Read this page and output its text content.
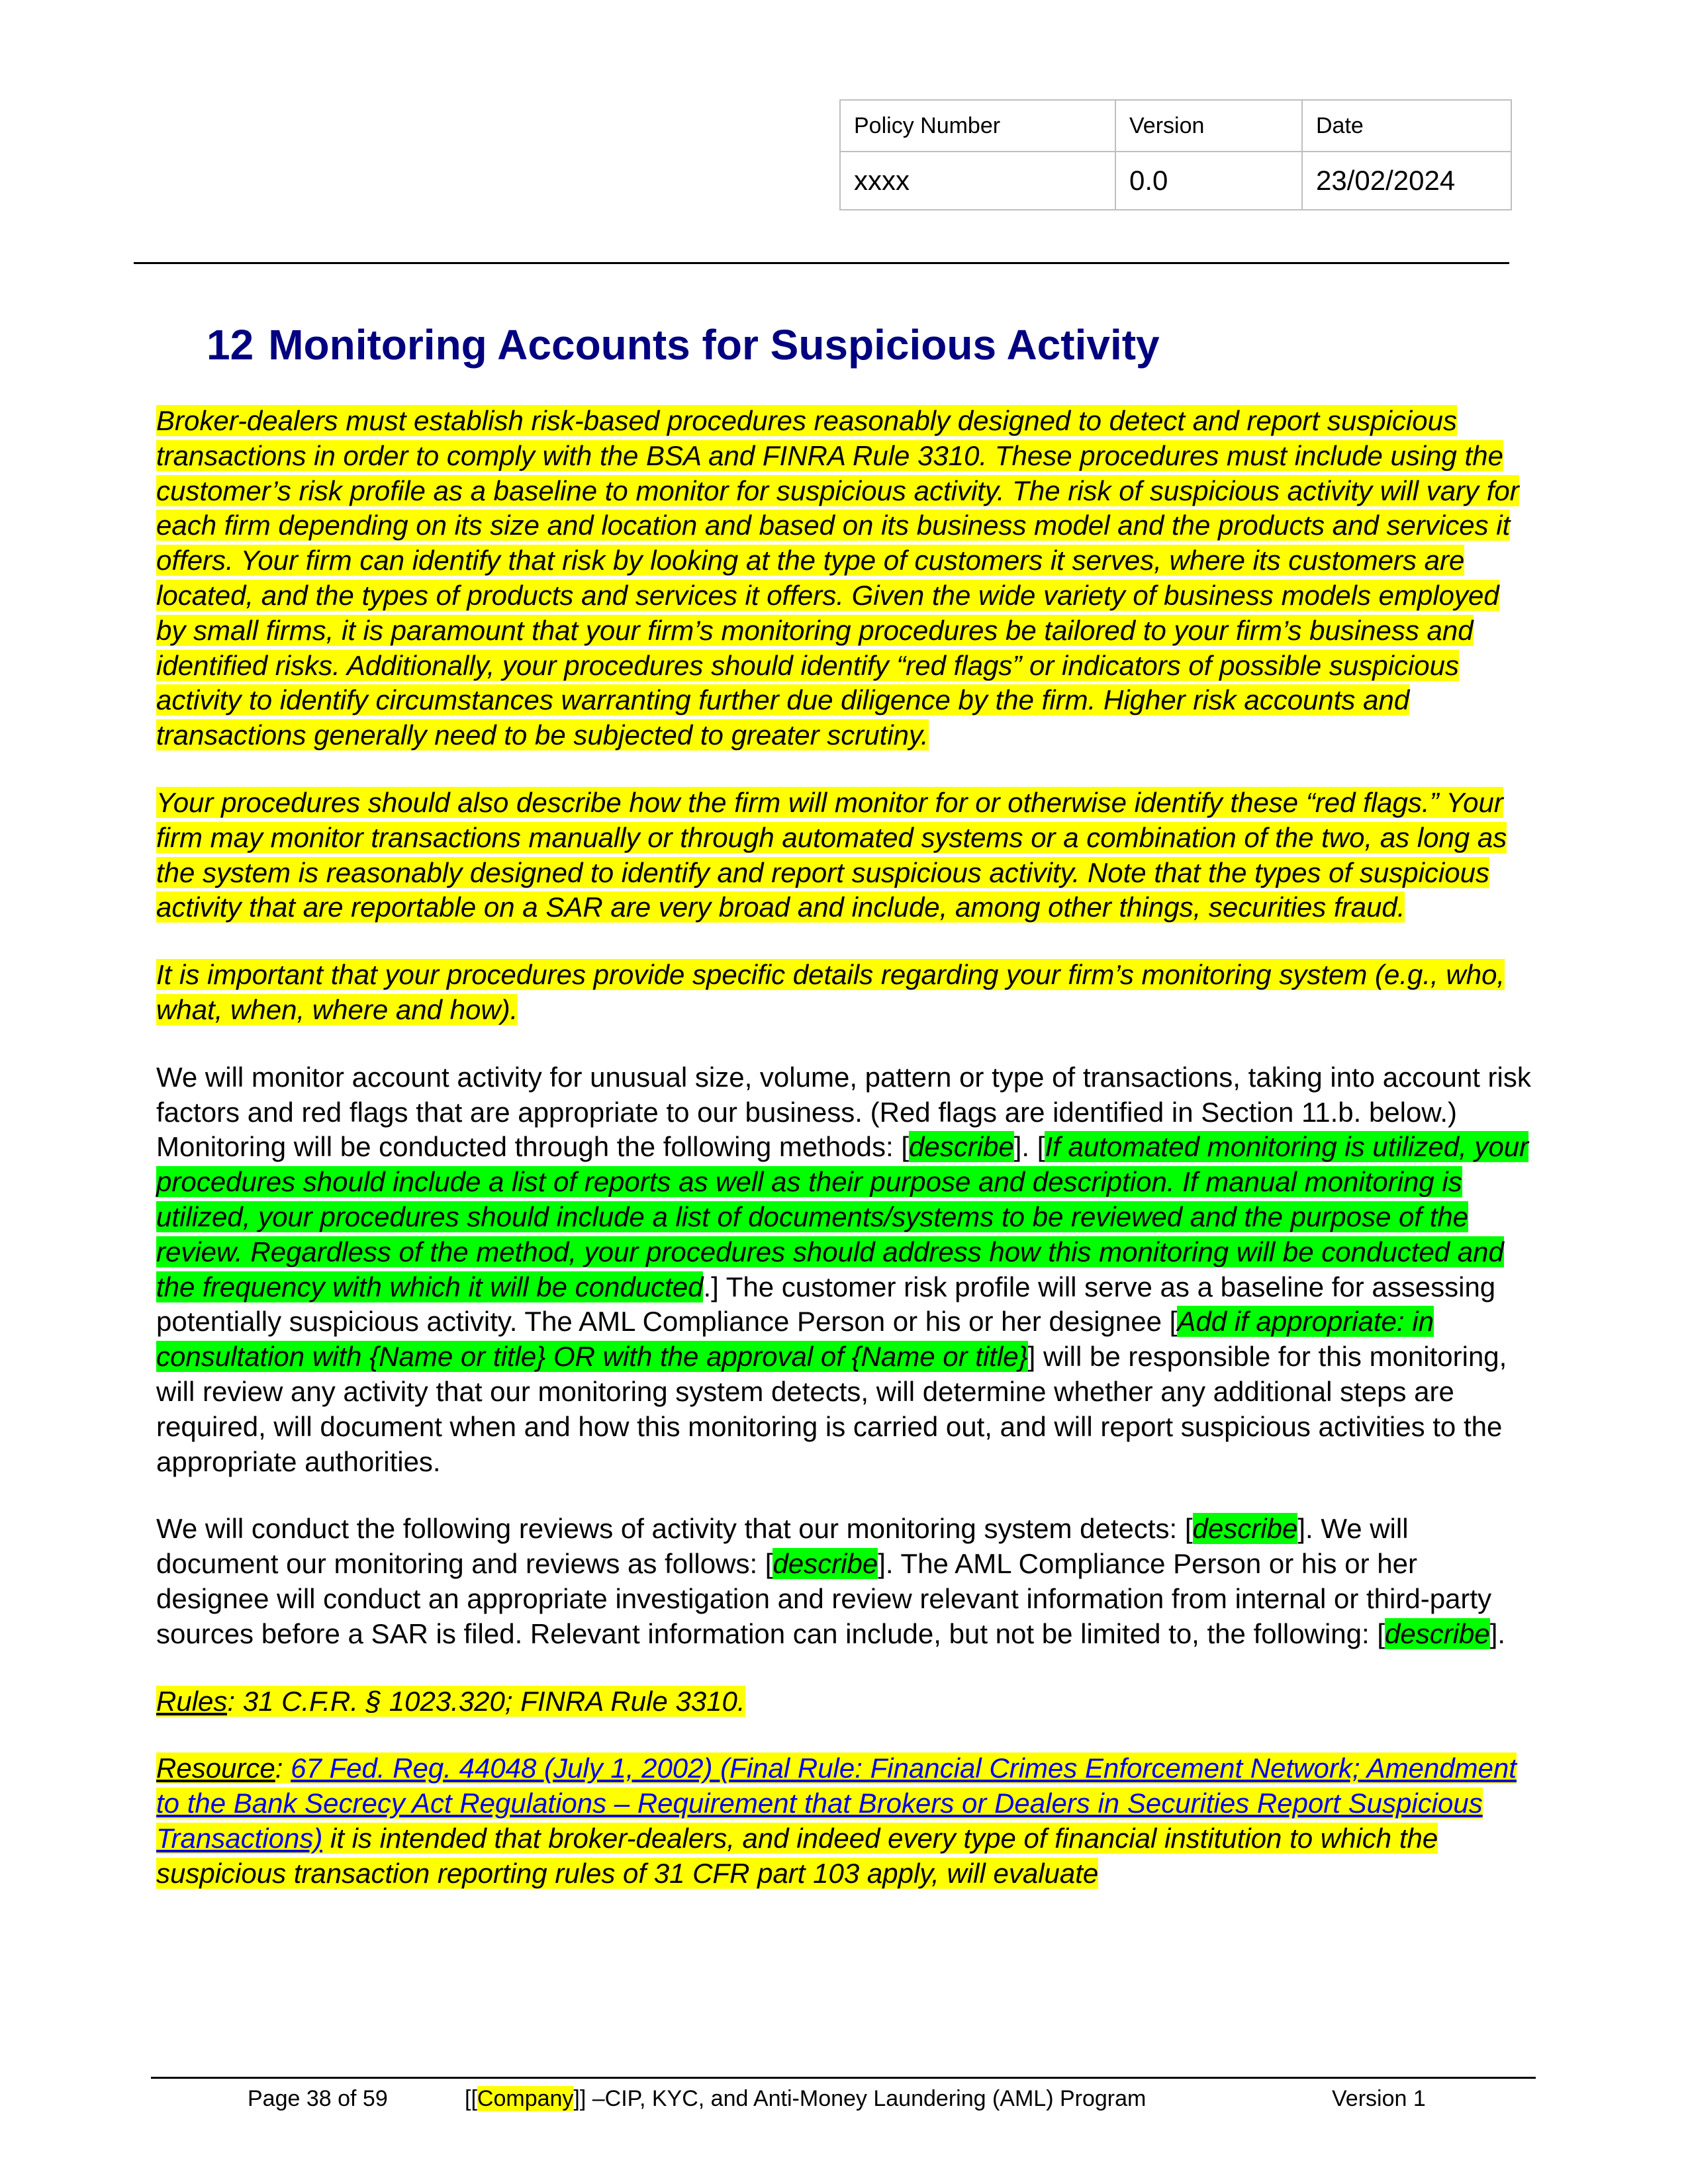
Policy Number	Version	Date
xxxx	0.0	23/02/2024
12 Monitoring Accounts for Suspicious Activity

Broker-dealers must establish risk-based procedures reasonably designed to detect and report suspicious transactions in order to comply with the BSA and FINRA Rule 3310. These procedures must include using the customer’s risk profile as a baseline to monitor for suspicious activity. The risk of suspicious activity will vary for each firm depending on its size and location and based on its business model and the products and services it offers. Your firm can identify that risk by looking at the type of customers it serves, where its customers are located, and the types of products and services it offers. Given the wide variety of business models employed by small firms, it is paramount that your firm’s monitoring procedures be tailored to your firm’s business and identified risks. Additionally, your procedures should identify “red flags” or indicators of possible suspicious activity to identify circumstances warranting further due diligence by the firm. Higher risk accounts and transactions generally need to be subjected to greater scrutiny.

Your procedures should also describe how the firm will monitor for or otherwise identify these “red flags.” Your firm may monitor transactions manually or through automated systems or a combination of the two, as long as the system is reasonably designed to identify and report suspicious activity. Note that the types of suspicious activity that are reportable on a SAR are very broad and include, among other things, securities fraud.

It is important that your procedures provide specific details regarding your firm’s monitoring system (e.g., who, what, when, where and how).

We will monitor account activity for unusual size, volume, pattern or type of transactions, taking into account risk factors and red flags that are appropriate to our business. (Red flags are identified in Section 11.b. below.) Monitoring will be conducted through the following methods: [describe]. [If automated monitoring is utilized, your procedures should include a list of reports as well as their purpose and description. If manual monitoring is utilized, your procedures should include a list of documents/systems to be reviewed and the purpose of the review. Regardless of the method, your procedures should address how this monitoring will be conducted and the frequency with which it will be conducted.] The customer risk profile will serve as a baseline for assessing potentially suspicious activity. The AML Compliance Person or his or her designee [Add if appropriate: in consultation with {Name or title} OR with the approval of {Name or title}] will be responsible for this monitoring, will review any activity that our monitoring system detects, will determine whether any additional steps are required, will document when and how this monitoring is carried out, and will report suspicious activities to the appropriate authorities.

We will conduct the following reviews of activity that our monitoring system detects: [describe]. We will document our monitoring and reviews as follows: [describe]. The AML Compliance Person or his or her designee will conduct an appropriate investigation and review relevant information from internal or third-party sources before a SAR is filed. Relevant information can include, but not be limited to, the following: [describe].

Rules: 31 C.F.R. § 1023.320; FINRA Rule 3310.

Resource: 67 Fed. Reg. 44048 (July 1, 2002) (Final Rule: Financial Crimes Enforcement Network; Amendment to the Bank Secrecy Act Regulations – Requirement that Brokers or Dealers in Securities Report Suspicious Transactions) it is intended that broker-dealers, and indeed every type of financial institution to which the suspicious transaction reporting rules of 31 CFR part 103 apply, will evaluate

Page 38 of 59	[[Company]] –CIP, KYC, and Anti-Money Laundering (AML) Program	Version 1
